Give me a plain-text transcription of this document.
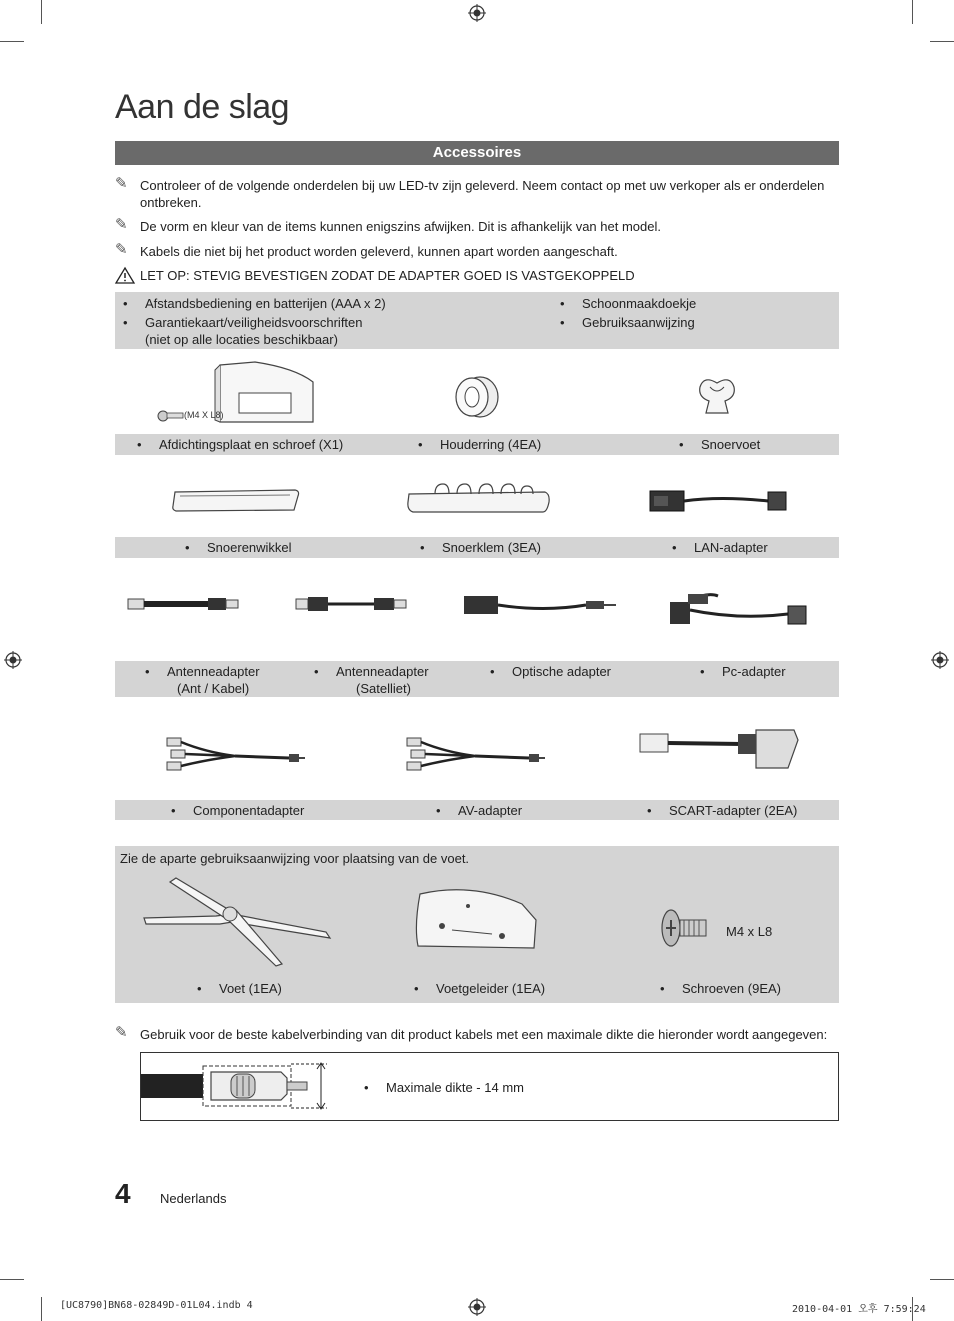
Aan de slag
Accessoires
✎ Controleer of de volgende onderdelen bij uw LED-tv zijn geleverd. Neem contact op met uw verkoper als er onderdelen ontbreken.
✎ De vorm en kleur van de items kunnen enigszins afwijken. Dit is afhankelijk van het model.
✎ Kabels die niet bij het product worden geleverd, kunnen apart worden aangeschaft.
LET OP: STEVIG BEVESTIGEN ZODAT DE ADAPTER GOED IS VASTGEKOPPELD
• Afstandsbediening en batterijen (AAA x 2)
• Garantiekaart/veiligheidsvoorschriften
(niet op alle locaties beschikbaar)
• Schoonmaakdoekje
• Gebruiksaanwijzing
(M4 X L8)
• Afdichtingsplaat en schroef (X1)	• Houderring (4EA)	• Snoervoet
• Snoerenwikkel	• Snoerklem (3EA)	• LAN-adapter
• Antenneadapter
(Ant / Kabel)
• Antenneadapter
(Satelliet)
• Optische adapter	• Pc-adapter
• Componentadapter	• AV-adapter	• SCART-adapter (2EA)
Zie de aparte gebruiksaanwijzing voor plaatsing van de voet.
M4 x L8
• Voet (1EA)	• Voetgeleider (1EA)	• Schroeven (9EA)
✎ Gebruik voor de beste kabelverbinding van dit product kabels met een maximale dikte die hieronder wordt aangegeven:
• Maximale dikte - 14 mm
4 Nederlands
[UC8790]BN68-02849D-01L04.indb 4	2010-04-01 오후 7:59:24
